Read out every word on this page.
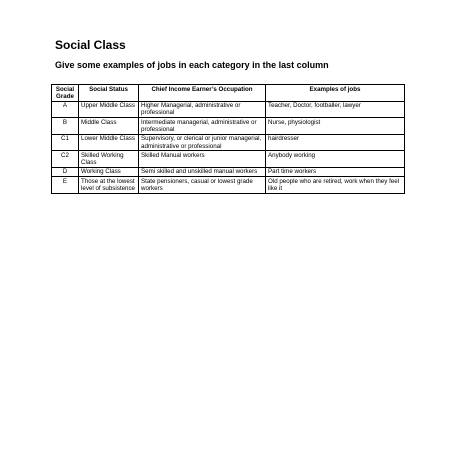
Social Class
Give some examples of jobs in each category in the last column
Social Grade	Social Status	Chief Income Earner’s Occupation	Examples of jobs
A	Upper Middle Class	Higher Managerial, administrative or professional	Teacher, Doctor, footballer, lawyer
B	Middle Class	Intermediate managerial, administrative or professional	Nurse, physiologist
C1	Lower Middle Class	Supervisory, or clerical or junior managerial, administrative or professional	hairdresser
C2	Skilled Working Class	Skilled Manual workers	Anybody working
D	Working Class	Semi skilled and unskilled manual workers	Part time workers
E	Those at the lowest level of subsistence	State pensioners, casual or lowest grade workers	Old people who are retired, work when they feel like it
